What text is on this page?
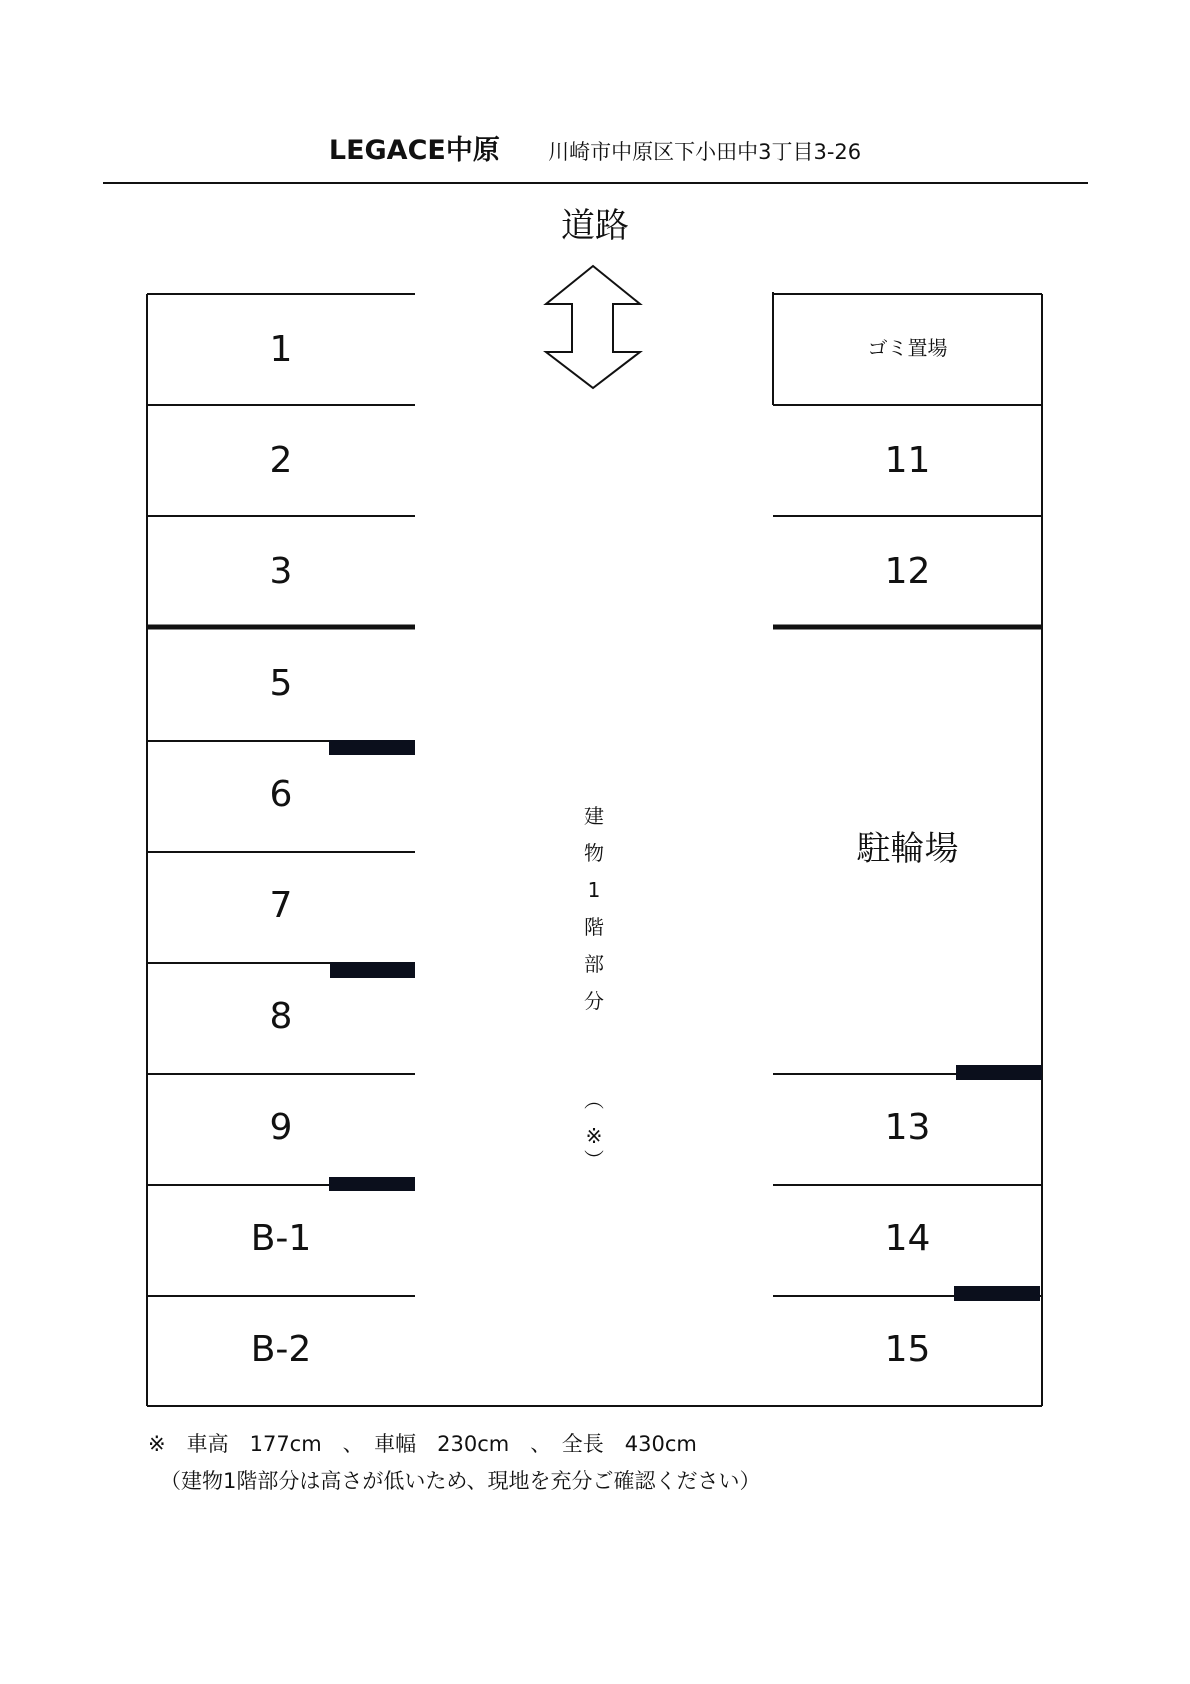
LEGACE中原 川崎市中原区下小田中3丁目3-26
道路
1
2
3
5
6
7
8
9
B-1
B-2
ゴミ置場
11
12
駐輪場
13
14
15
建
物
1
階
部
分
︵
※
︶
※　車高　177cm　、　車幅　230cm　、　全長　430cm
（建物1階部分は高さが低いため、現地を充分ご確認ください）
